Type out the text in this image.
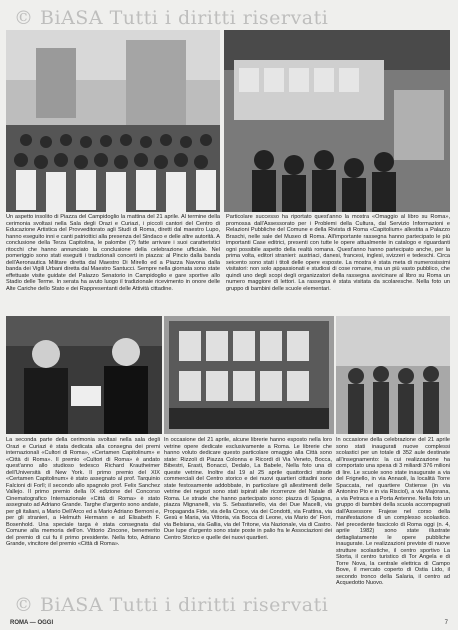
© BiASA Tutti i diritti riservati
Un aspetto insolito di Piazza del Campidoglio la mattina del 21 aprile. Al termine della cerimonia svoltasi nella Sala degli Orazi e Curiazi, i piccoli cantori del Centro di Educazione Artistica del Provveditorato agli Studi di Roma, diretti dal maestro Lupo, hanno eseguito inni e canti patriottici alla presenza del Sindaco e delle altre autorità. A conclusione della Terza Capitolina, le palombe (?) fatte arrivare i suoi caratteristici ritocchi che hanno annunciato la conclusione della celebrazione ufficiale. Nel pomeriggio sono stati eseguiti i tradizionali concerti in piazza: al Pincio dalla banda dell'Aeronautica Militare diretta dal Maestro Di Mirello ed a Piazza Navona dalla banda dei Vigili Urbani diretta dal Maestro Santucci. Sempre nella giornata sono state effettuate visite guidate del Palazzo Senatorio in Campidoglio e gare sportive allo Stadio delle Terme. In serata ha avuto luogo il tradizionale ricevimento in onore delle Alte Cariche dello Stato e dei Rappresentanti delle Attività cittadine.
Particolare successo ha riportato quest'anno la mostra «Omaggio al libro su Roma», promossa dall'Assessorato per i Problemi della Cultura, dal Servizio Informazioni e Relazioni Pubbliche del Comune e della Rivista di Roma «Capitolium» allestita a Palazzo Braschi, nelle sale del Museo di Roma. All'importante rassegna hanno partecipato le più importanti Case editrici, presenti con tutte le opere attualmente in catalogo e riguardanti ogni possibile aspetto della realtà romana. Quest'anno hanno partecipato anche, per la prima volta, editori stranieri: austriaci, danesi, francesi, inglesi, svizzeri e tedeschi. Circa seicento sono stati i titoli delle opere esposte. La mostra è stata meta di numerosissimi visitatori: non solo appassionati e studiosi di cose romane, ma un più vasto pubblico, che quindi uno degli scopi degli organizzatori della rassegna avvicinare al libro su Roma un numero maggiore di lettori. La rassegna è stata visitata da scolaresche. Nella foto un gruppo di bambini delle scuole elementari.
La seconda parte della cerimonia svoltasi nella sala degli Orazi e Curiazi è stata dedicata alla consegna dei premi internazionali «Cultori di Roma», «Certamen Capitolinum» e «Città di Roma». Il premio «Cultori di Roma» è andato quest'anno allo studioso tedesco Richard Krautheimer dell'Università di New York. Il primo premio del XIX «Certamen Capitolinum» è stato assegnato al prof. Tarquinio Falcioni di Forlì; il secondo allo spagnolo prof. Felix Sanchez Vallejo. Il primo premio della IX edizione del Concorso Cinematografico Internazionale «Città di Roma» è stato assegnato ad Adriano Grande. Targhe d'argento sono andate, per gli italiani, a Mario Dell'Arco ed a Mario Adriano Bernoni e, per gli stranieri, a Helmuth Hermann e ad Elisabeth F. Bosenhold. Una speciale targa è stata consegnata dal Comune alla memoria dell'on. Vittorio Zincone, benemerito del premio di cui fu il primo presidente. Nella foto, Adriano Grande, vincitore del premio «Città di Roma».
In occasione del 21 aprile, alcune librerie hanno esposto nella loro vetrine opere dedicate esclusivamente a Roma. Le librerie che hanno voluto dedicare questo particolare omaggio alla Città sono state: Rizzoli di Piazza Colonna e Ricordi di Via Veneto, Bocca, Bibestri, Erasti, Bonacci, Dedalo, La Babele, Nella foto una di queste vetrine. Inoltre dal 19 al 25 aprile quattordici strade commerciali del Centro storico e dei nuovi quartieri cittadini sono state festosamente addobbate, in particolare gli allestimenti delle vetrine dei negozi sono stati ispirati alle ricorrenze del Natale di Roma. Le strade che hanno partecipato sono: piazza di Spagna, piazza Mignanelli, via S. Sebastianello, via dei Due Macelli, via Propaganda Fide, via della Croce, via dei Condotti, via Frattina, via Gesù e Maria, via Vittoria, via Bocca di Leone, via Mario de' Fiori, via Belsiana, via Gallia, via del Tritone, via Nazionale, via di Castro. Due lupe d'argento sono state poste in palio fra le Associazioni dei Centro Storico e quelle dei nuovi quartieri.
In occasione della celebrazione del 21 aprile sono stati inaugurati nuove complessi scolastici per un totale di 352 aule destinate all'insegnamento: la cui realizzazione ha comportato una spesa di 3 miliardi 376 milioni di lire. Le scuole sono state inaugurate a via del Frignello, in via Annaoli, la località Torre Spaccata, nel quartiere Ostiense (in via Antonino Pio e in via Risciol), a via Majorana, a via Petraca e a Porta Antenne. Nella foto un gruppo di bambini della scuola accompagnati dall'Assessore Frajese nel corso della manifestazione di un complesso scolastico. Nel precedente fascicolo di Roma oggi (n. 4, aprile 1982) sono state illustrate dettagliatamente le opere pubbliche inaugurate. Le realizzazioni previste di nuove strutture scolastiche, il centro sportivo La Storta, il centro turistico di Tor Angela e di Torre Nova, la centrale elettrica di Campo Bove, il mercato coperto di Ostia Lido, il secondo tronco della Salaria, il centro ad Acquedotto Nuovo.
© BiASA Tutti i diritti riservati
ROMA — OGGI	7
